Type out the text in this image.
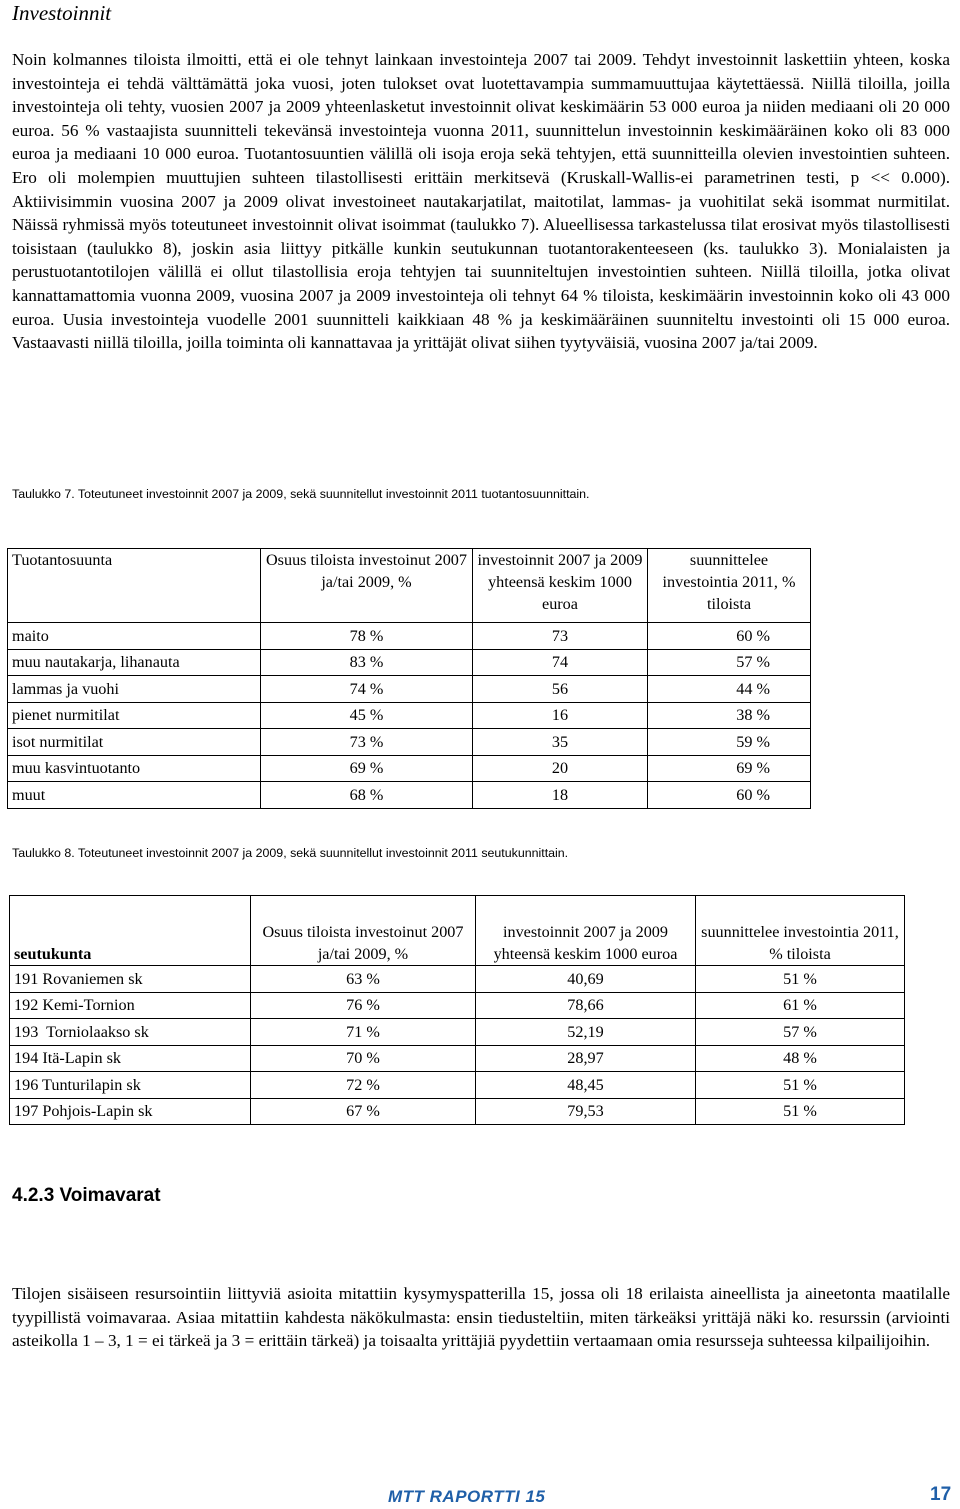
Investoinnit

Noin kolmannes tiloista ilmoitti, että ei ole tehnyt lainkaan investointeja 2007 tai 2009. Tehdyt investoinnit laskettiin yhteen, koska investointeja ei tehdä välttämättä joka vuosi, joten tulokset ovat luotettavampia summamuuttujaa käytettäessä. Niillä tiloilla, joilla investointeja oli tehty, vuosien 2007 ja 2009 yhteenlasketut investoinnit olivat keskimäärin 53 000 euroa ja niiden mediaani oli 20 000 euroa. 56 % vastaajista suunnitteli tekevänsä investointeja vuonna 2011, suunnittelun investoinnin keskimääräinen koko oli 83 000 euroa ja mediaani 10 000 euroa. Tuotantosuuntien välillä oli isoja eroja sekä tehtyjen, että suunnitteilla olevien investointien suhteen. Ero oli molempien muuttujien suhteen tilastollisesti erittäin merkitsevä (Kruskall-Wallis-ei parametrinen testi, p << 0.000). Aktiivisimmin vuosina 2007 ja 2009 olivat investoineet nautakarjatilat, maitotilat, lammas- ja vuohitilat sekä isommat nurmitilat. Näissä ryhmissä myös toteutuneet investoinnit olivat isoimmat (taulukko 7). Alueellisessa tarkastelussa tilat erosivat myös tilastollisesti toisistaan (taulukko 8), joskin asia liittyy pitkälle kunkin seutukunnan tuotantorakenteeseen (ks. taulukko 3). Monialaisten ja perustuotantotilojen välillä ei ollut tilastollisia eroja tehtyjen tai suunniteltujen investointien suhteen. Niillä tiloilla, jotka olivat kannattamattomia vuonna 2009, vuosina 2007 ja 2009 investointeja oli tehnyt 64 % tiloista, keskimäärin investoinnin koko oli 43 000 euroa. Uusia investointeja vuodelle 2001 suunnitteli kaikkiaan 48 % ja keskimääräinen suunniteltu investointi oli 15 000 euroa. Vastaavasti niillä tiloilla, joilla toiminta oli kannattavaa ja yrittäjät olivat siihen tyytyväisiä, vuosina 2007 ja/tai 2009.

Taulukko 7. Toteutuneet investoinnit 2007 ja 2009, sekä suunnitellut investoinnit 2011 tuotantosuunnittain.
Tuotantosuunta	Osuus tiloista investoinut 2007 ja/tai 2009, %	investoinnit 2007 ja 2009 yhteensä keskim 1000 euroa	suunnittelee investointia 2011, % tiloista
maito	78 %	73	60 %
muu nautakarja, lihanauta	83 %	74	57 %
lammas ja vuohi	74 %	56	44 %
pienet nurmitilat	45 %	16	38 %
isot nurmitilat	73 %	35	59 %
muu kasvintuotanto	69 %	20	69 %
muut	68 %	18	60 %
Taulukko 8. Toteutuneet investoinnit 2007 ja 2009, sekä suunnitellut investoinnit 2011 seutukunnittain.
seutukunta	Osuus tiloista investoinut 2007 ja/tai 2009, %	investoinnit 2007 ja 2009 yhteensä keskim 1000 euroa	suunnittelee investointia 2011, % tiloista
191 Rovaniemen sk	63 %	40,69	51 %
192 Kemi-Tornion	76 %	78,66	61 %
193  Torniolaakso sk	71 %	52,19	57 %
194 Itä-Lapin sk	70 %	28,97	48 %
196 Tunturilapin sk	72 %	48,45	51 %
197 Pohjois-Lapin sk	67 %	79,53	51 %
4.2.3 Voimavarat

Tilojen sisäiseen resursointiin liittyviä asioita mitattiin kysymyspatterilla 15, jossa oli 18 erilaista aineellista ja aineetonta maatilalle tyypillistä voimavaraa. Asiaa mitattiin kahdesta näkökulmasta: ensin tiedusteltiin, miten tärkeäksi yrittäjä näki ko. resurssin (arviointi asteikolla 1 – 3, 1 = ei tärkeä ja 3 = erittäin tärkeä) ja toisaalta yrittäjiä pyydettiin vertaamaan omia resursseja suhteessa kilpailijoihin.

MTT RAPORTTI 15	17
